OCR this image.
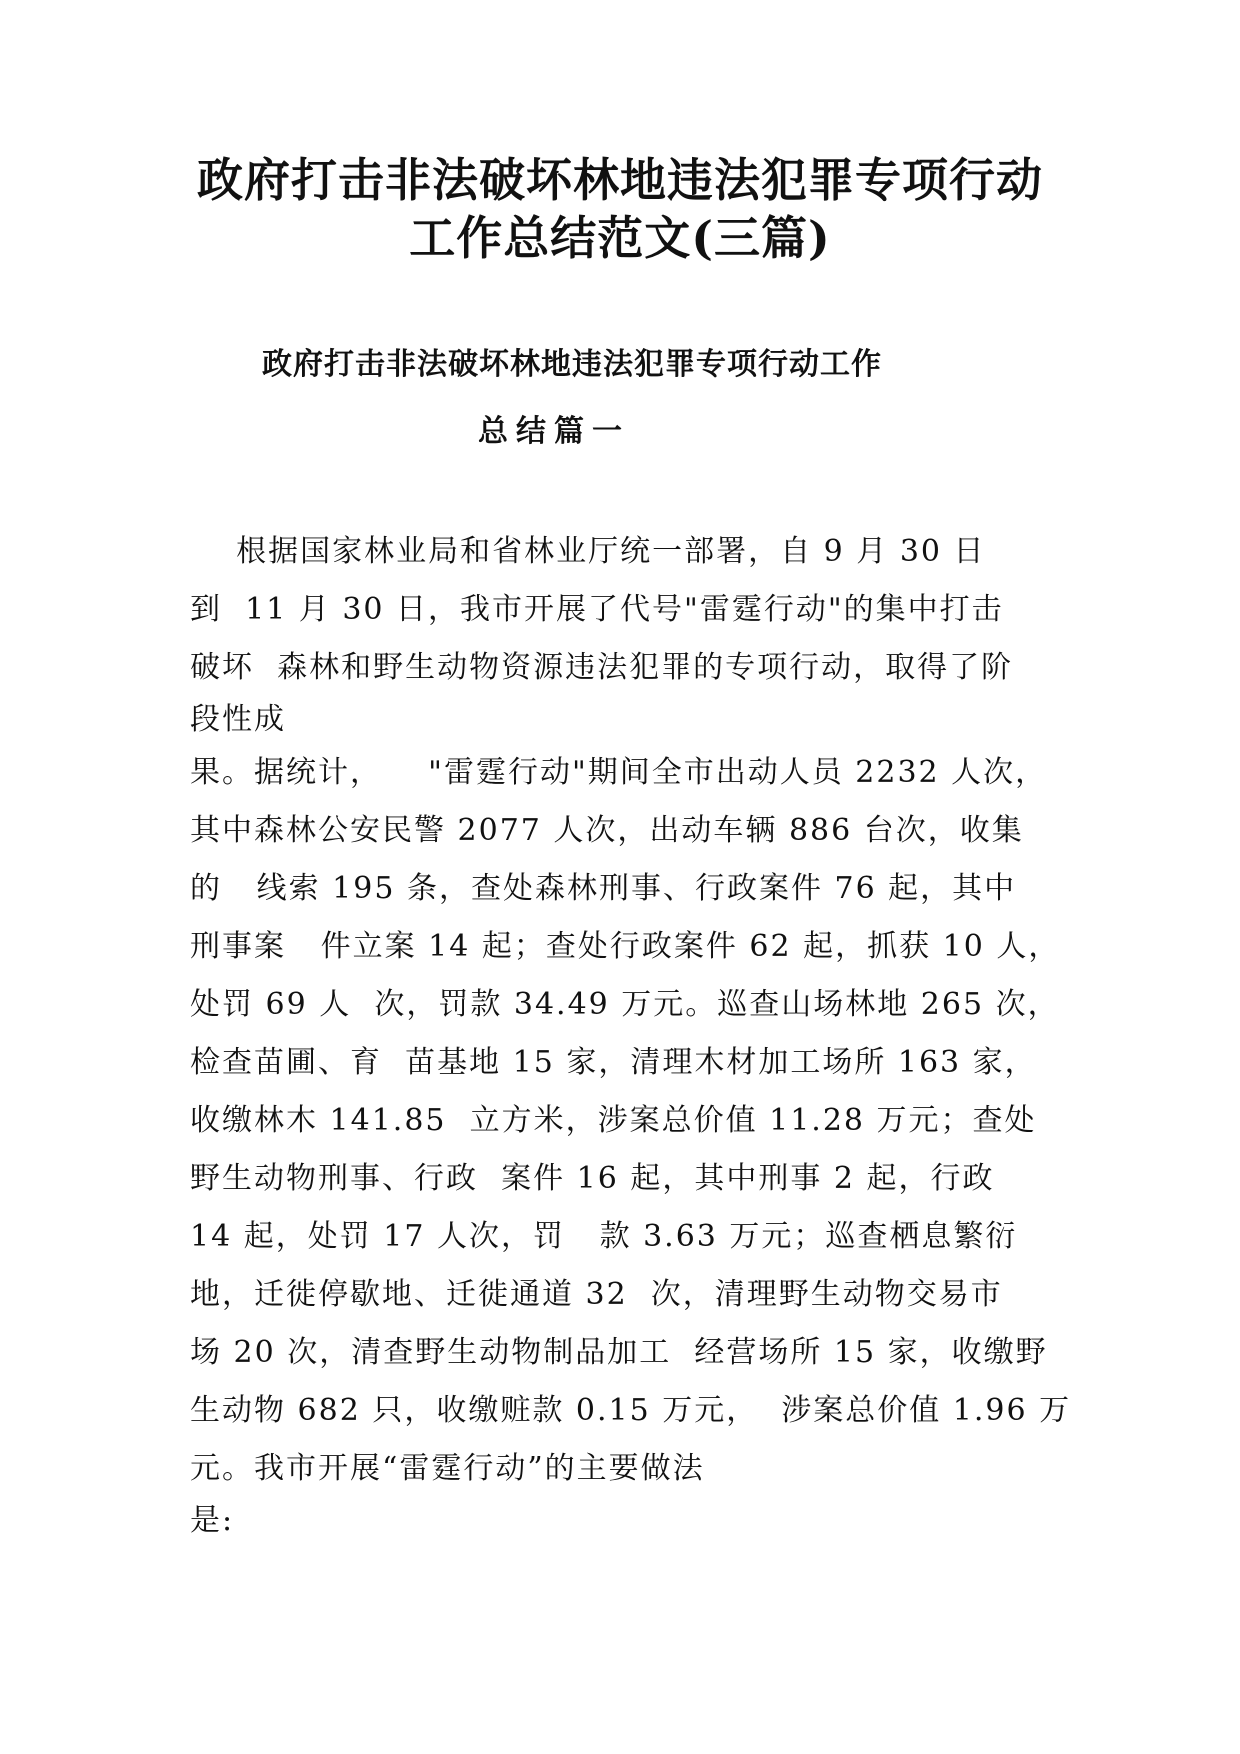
政府打击非法破坏林地违法犯罪专项行动
工作总结范文(三篇)
政府打击非法破坏林地违法犯罪专项行动工作
总结篇一
根据国家林业局和省林业厅统一部署，自 9 月 30 日
到  11 月 30 日，我市开展了代号"雷霆行动"的集中打击
破坏  森林和野生动物资源违法犯罪的专项行动，取得了阶
段性成
果。据统计，    "雷霆行动"期间全市出动人员 2232 人次，
其中森林公安民警 2077 人次，出动车辆 886 台次，收集
的   线索 195 条，查处森林刑事、行政案件 76 起，其中
刑事案   件立案 14 起；查处行政案件 62 起，抓获 10 人，
处罚 69 人  次，罚款 34.49 万元。巡查山场林地 265 次，
检查苗圃、育  苗基地 15 家，清理木材加工场所 163 家，
收缴林木 141.85  立方米，涉案总价值 11.28 万元；查处
野生动物刑事、行政  案件 16 起，其中刑事 2 起，行政
14 起，处罚 17 人次，罚   款 3.63 万元；巡查栖息繁衍
地，迁徙停歇地、迁徙通道 32  次，清理野生动物交易市
场 20 次，清查野生动物制品加工  经营场所 15 家，收缴野
生动物 682 只，收缴赃款 0.15 万元，  涉案总价值 1.96 万
元。我市开展“雷霆行动”的主要做法
是:
